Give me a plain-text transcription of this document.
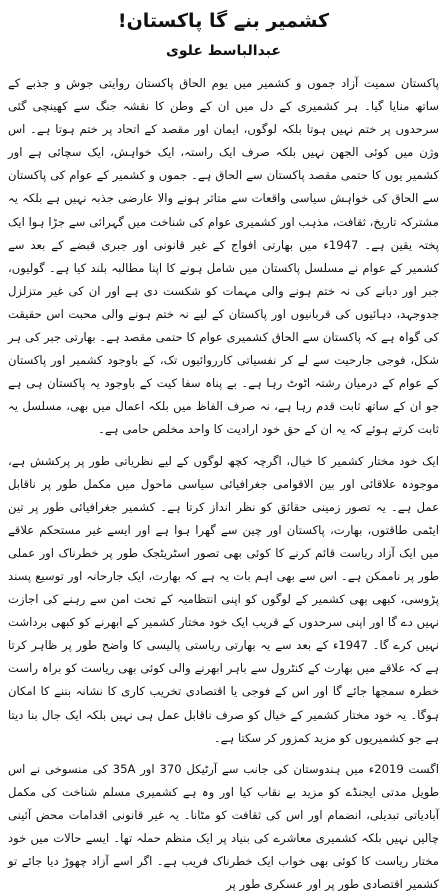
کشمیر بنے گا پاکستان!
عبدالباسط علوی

پاکستان سمیت آزاد جموں و کشمیر میں یوم الحاق پاکستان روایتی جوش و جذبے کے ساتھ منایا گیا۔ ہر کشمیری کے دل میں ان کے وطن کا نقشہ جنگ سے کھینچی گئی سرحدوں پر ختم نہیں ہوتا بلکہ لوگوں، ایمان اور مقصد کے اتحاد پر ختم ہوتا ہے۔ اس وژن میں کوئی الجھن نہیں بلکہ صرف ایک راستہ، ایک خواہش، ایک سچائی ہے اور کشمیر یوں کا حتمی مقصد پاکستان سے الحاق ہے۔ جموں و کشمیر کے عوام کی پاکستان سے الحاق کی خواہش سیاسی واقعات سے متاثر ہونے والا عارضی جذبہ نہیں ہے بلکہ یہ مشترکہ تاریخ، ثقافت، مذہب اور کشمیری عوام کی شناخت میں گہرائی سے جڑا ہوا ایک پختہ یقین ہے۔ 1947ء میں بھارتی افواج کے غیر قانونی اور جبری قبضے کے بعد سے کشمیر کے عوام نے مسلسل پاکستان میں شامل ہونے کا اپنا مطالبہ بلند کیا ہے۔ گولیوں، جبر اور دبانے کی نہ ختم ہونے والی مہمات کو شکست دی ہے اور ان کی غیر متزلزل جدوجہد، دہائیوں کی قربانیوں اور پاکستان کے لیے نہ ختم ہونے والی محبت اس حقیقت کی گواہ ہے کہ پاکستان سے الحاق کشمیری عوام کا حتمی مقصد ہے۔ بھارتی جبر کی ہر شکل، فوجی جارحیت سے لے کر نفسیاتی کارروائیوں تک، کے باوجود کشمیر اور پاکستان کے عوام کے درمیان رشتہ اٹوٹ رہا ہے۔ بے پناہ سفا کیت کے باوجود یہ پاکستان ہی ہے جو ان کے ساتھ ثابت قدم رہا ہے، نہ صرف الفاظ میں بلکہ اعمال میں بھی، مسلسل یہ ثابت کرتے ہوئے کہ یہ ان کے حق خود ارادیت کا واحد مخلص حامی ہے۔

ایک خود مختار کشمیر کا خیال، اگرچہ کچھ لوگوں کے لیے نظریاتی طور پر پرکشش ہے، موجودہ علاقائی اور بین الاقوامی جغرافیائی سیاسی ماحول میں مکمل طور پر ناقابل عمل ہے۔ یہ تصور زمینی حقائق کو نظر انداز کرتا ہے۔ کشمیر جغرافیائی طور پر تین ایٹمی طاقتوں، بھارت، پاکستان اور چین سے گھرا ہوا ہے اور ایسے غیر مستحکم علاقے میں ایک آزاد ریاست قائم کرنے کا کوئی بھی تصور اسٹریٹجک طور پر خطرناک اور عملی طور پر ناممکن ہے۔ اس سے بھی اہم بات یہ ہے کہ بھارت، ایک جارحانہ اور توسیع پسند پڑوسی، کبھی بھی کشمیر کے لوگوں کو اپنی انتظامیہ کے تحت امن سے رہنے کی اجازت نہیں دے گا اور اپنی سرحدوں کے قریب ایک خود مختار کشمیر کے ابھرنے کو کبھی برداشت نہیں کرے گا۔ 1947ء کے بعد سے یہ بھارتی ریاستی پالیسی کا واضح طور پر ظاہر کرتا ہے کہ علاقے میں بھارت کے کنٹرول سے باہر ابھرنے والی کوئی بھی ریاست کو براہ راست خطرہ سمجھا جائے گا اور اس کے فوجی یا اقتصادی تخریب کاری کا نشانہ بننے کا امکان ہوگا۔ یہ خود مختار کشمیر کے خیال کو صرف ناقابل عمل ہی نہیں بلکہ ایک جال بنا دیتا ہے جو کشمیریوں کو مزید کمزور کر سکتا ہے۔

اگست 2019ء میں ہندوستان کی جانب سے آرٹیکل 370 اور 35A کی منسوخی نے اس طویل مدتی ایجنڈے کو مزید بے نقاب کیا اور وہ ہے کشمیری مسلم شناخت کی مکمل آبادیاتی تبدیلی، انضمام اور اس کی ثقافت کو مٹانا۔ یہ غیر قانونی اقدامات محض آئینی چالیں نہیں بلکہ کشمیری معاشرے کی بنیاد پر ایک منظم حملہ تھا۔ ایسے حالات میں خود مختار ریاست کا کوئی بھی خواب ایک خطرناک فریب ہے۔ اگر اسے آزاد چھوڑ دیا جائے تو کشمیر اقتصادی طور پر اور عسکری طور پر
